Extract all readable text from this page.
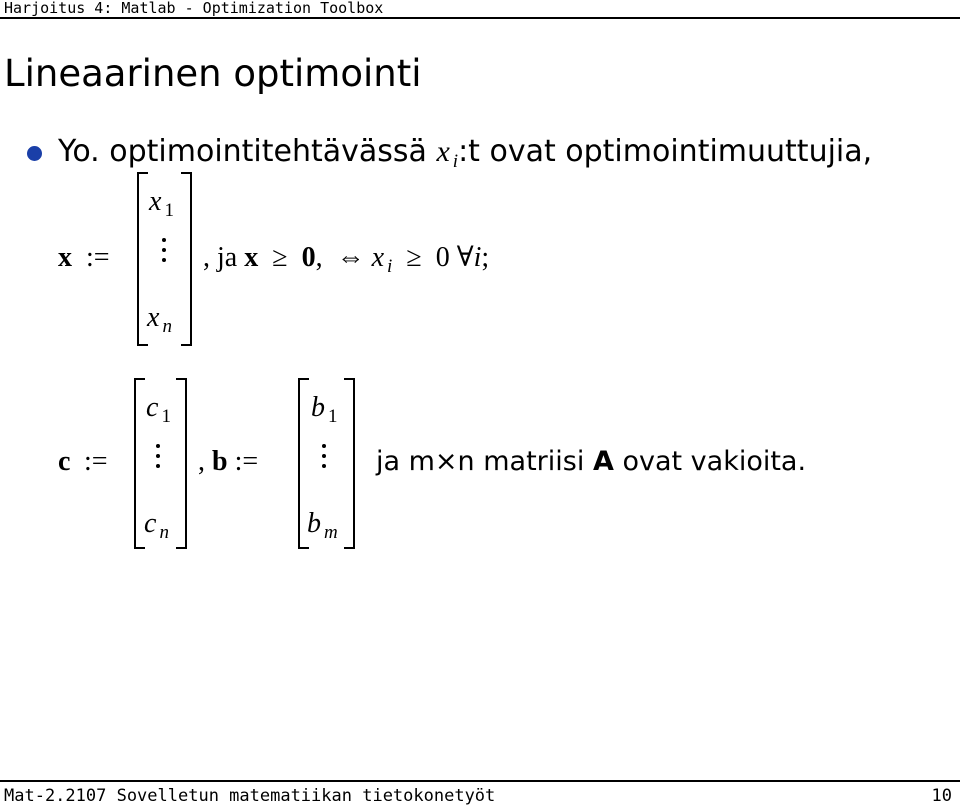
Harjoitus 4: Matlab - Optimization Toolbox
Lineaarinen optimointi
Yo. optimointitehtävässä x $_i$:t ovat optimointimuuttujia,
x :=
x $_1$
x $_n$
, ja x ≥ 0, ⇔ x $_i$ ≥ 0 ∀i;
c :=
c $_1$
c $_n$
, b :=
b $_1$
b $_m$
ja m×n matriisi A ovat vakioita.
Mat-2.2107 Sovelletun matematiikan tietokonetyöt	10
